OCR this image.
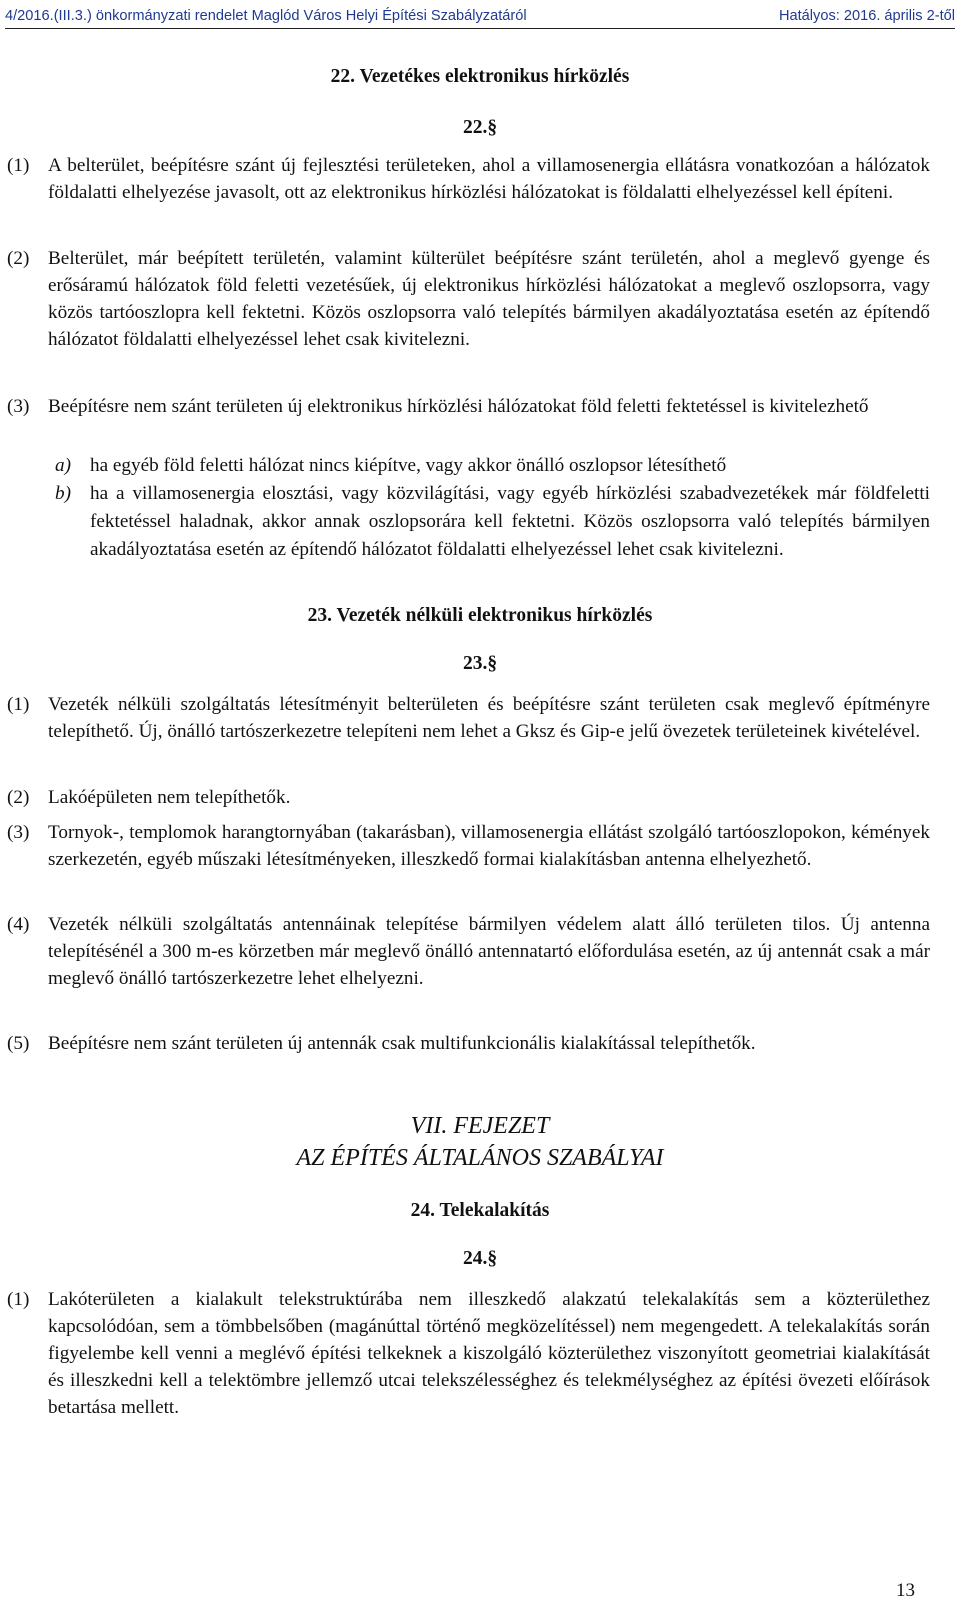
4/2016.(III.3.) önkormányzati rendelet Maglód Város Helyi Építési Szabályzatáról	Hatályos: 2016. április 2-től
22. Vezetékes elektronikus hírközlés
22.§
(1) A belterület, beépítésre szánt új fejlesztési területeken, ahol a villamosenergia ellátásra vonatkozóan a hálózatok földalatti elhelyezése javasolt, ott az elektronikus hírközlési hálózatokat is földalatti elhelyezéssel kell építeni.
(2) Belterület, már beépített területén, valamint külterület beépítésre szánt területén, ahol a meglevő gyenge és erősáramú hálózatok föld feletti vezetésűek, új elektronikus hírközlési hálózatokat a meglevő oszlopsorra, vagy közös tartóoszlopra kell fektetni. Közös oszlopsorra való telepítés bármilyen akadályoztatása esetén az építendő hálózatot földalatti elhelyezéssel lehet csak kivitelezni.
(3) Beépítésre nem szánt területen új elektronikus hírközlési hálózatokat föld feletti fektetéssel is kivitelezhető
a) ha egyéb föld feletti hálózat nincs kiépítve, vagy akkor önálló oszlopsor létesíthető
b) ha a villamosenergia elosztási, vagy közvilágítási, vagy egyéb hírközlési szabadvezetékek már földfeletti fektetéssel haladnak, akkor annak oszlopsorára kell fektetni. Közös oszlopsorra való telepítés bármilyen akadályoztatása esetén az építendő hálózatot földalatti elhelyezéssel lehet csak kivitelezni.
23. Vezeték nélküli elektronikus hírközlés
23.§
(1) Vezeték nélküli szolgáltatás létesítményit belterületen és beépítésre szánt területen csak meglevő építményre telepíthető. Új, önálló tartószerkezetre telepíteni nem lehet a Gksz és Gip-e jelű övezetek területeinek kivételével.
(2) Lakóépületen nem telepíthetők.
(3) Tornyok-, templomok harangtornyában (takarásban), villamosenergia ellátást szolgáló tartóoszlopokon, kémények szerkezetén, egyéb műszaki létesítményeken, illeszkedő formai kialakításban antenna elhelyezhető.
(4) Vezeték nélküli szolgáltatás antennáinak telepítése bármilyen védelem alatt álló területen tilos. Új antenna telepítésénél a 300 m-es körzetben már meglevő önálló antennatartó előfordulása esetén, az új antennát csak a már meglevő önálló tartószerkezetre lehet elhelyezni.
(5) Beépítésre nem szánt területen új antennák csak multifunkcionális kialakítással telepíthetők.
VII. FEJEZET
AZ ÉPÍTÉS ÁLTALÁNOS SZABÁLYAI
24. Telekalakítás
24.§
(1) Lakóterületen a kialakult telekstruktúrába nem illeszkedő alakzatú telekalakítás sem a közterülethez kapcsolódóan, sem a tömbbelsőben (magánúttal történő megközelítéssel) nem megengedett. A telekalakítás során figyelembe kell venni a meglévő építési telkeknek a kiszolgáló közterülethez viszonyított geometriai kialakítását és illeszkedni kell a telektömbre jellemző utcai telekszélességhez és telekmélységhez az építési övezeti előírások betartása mellett.
13
